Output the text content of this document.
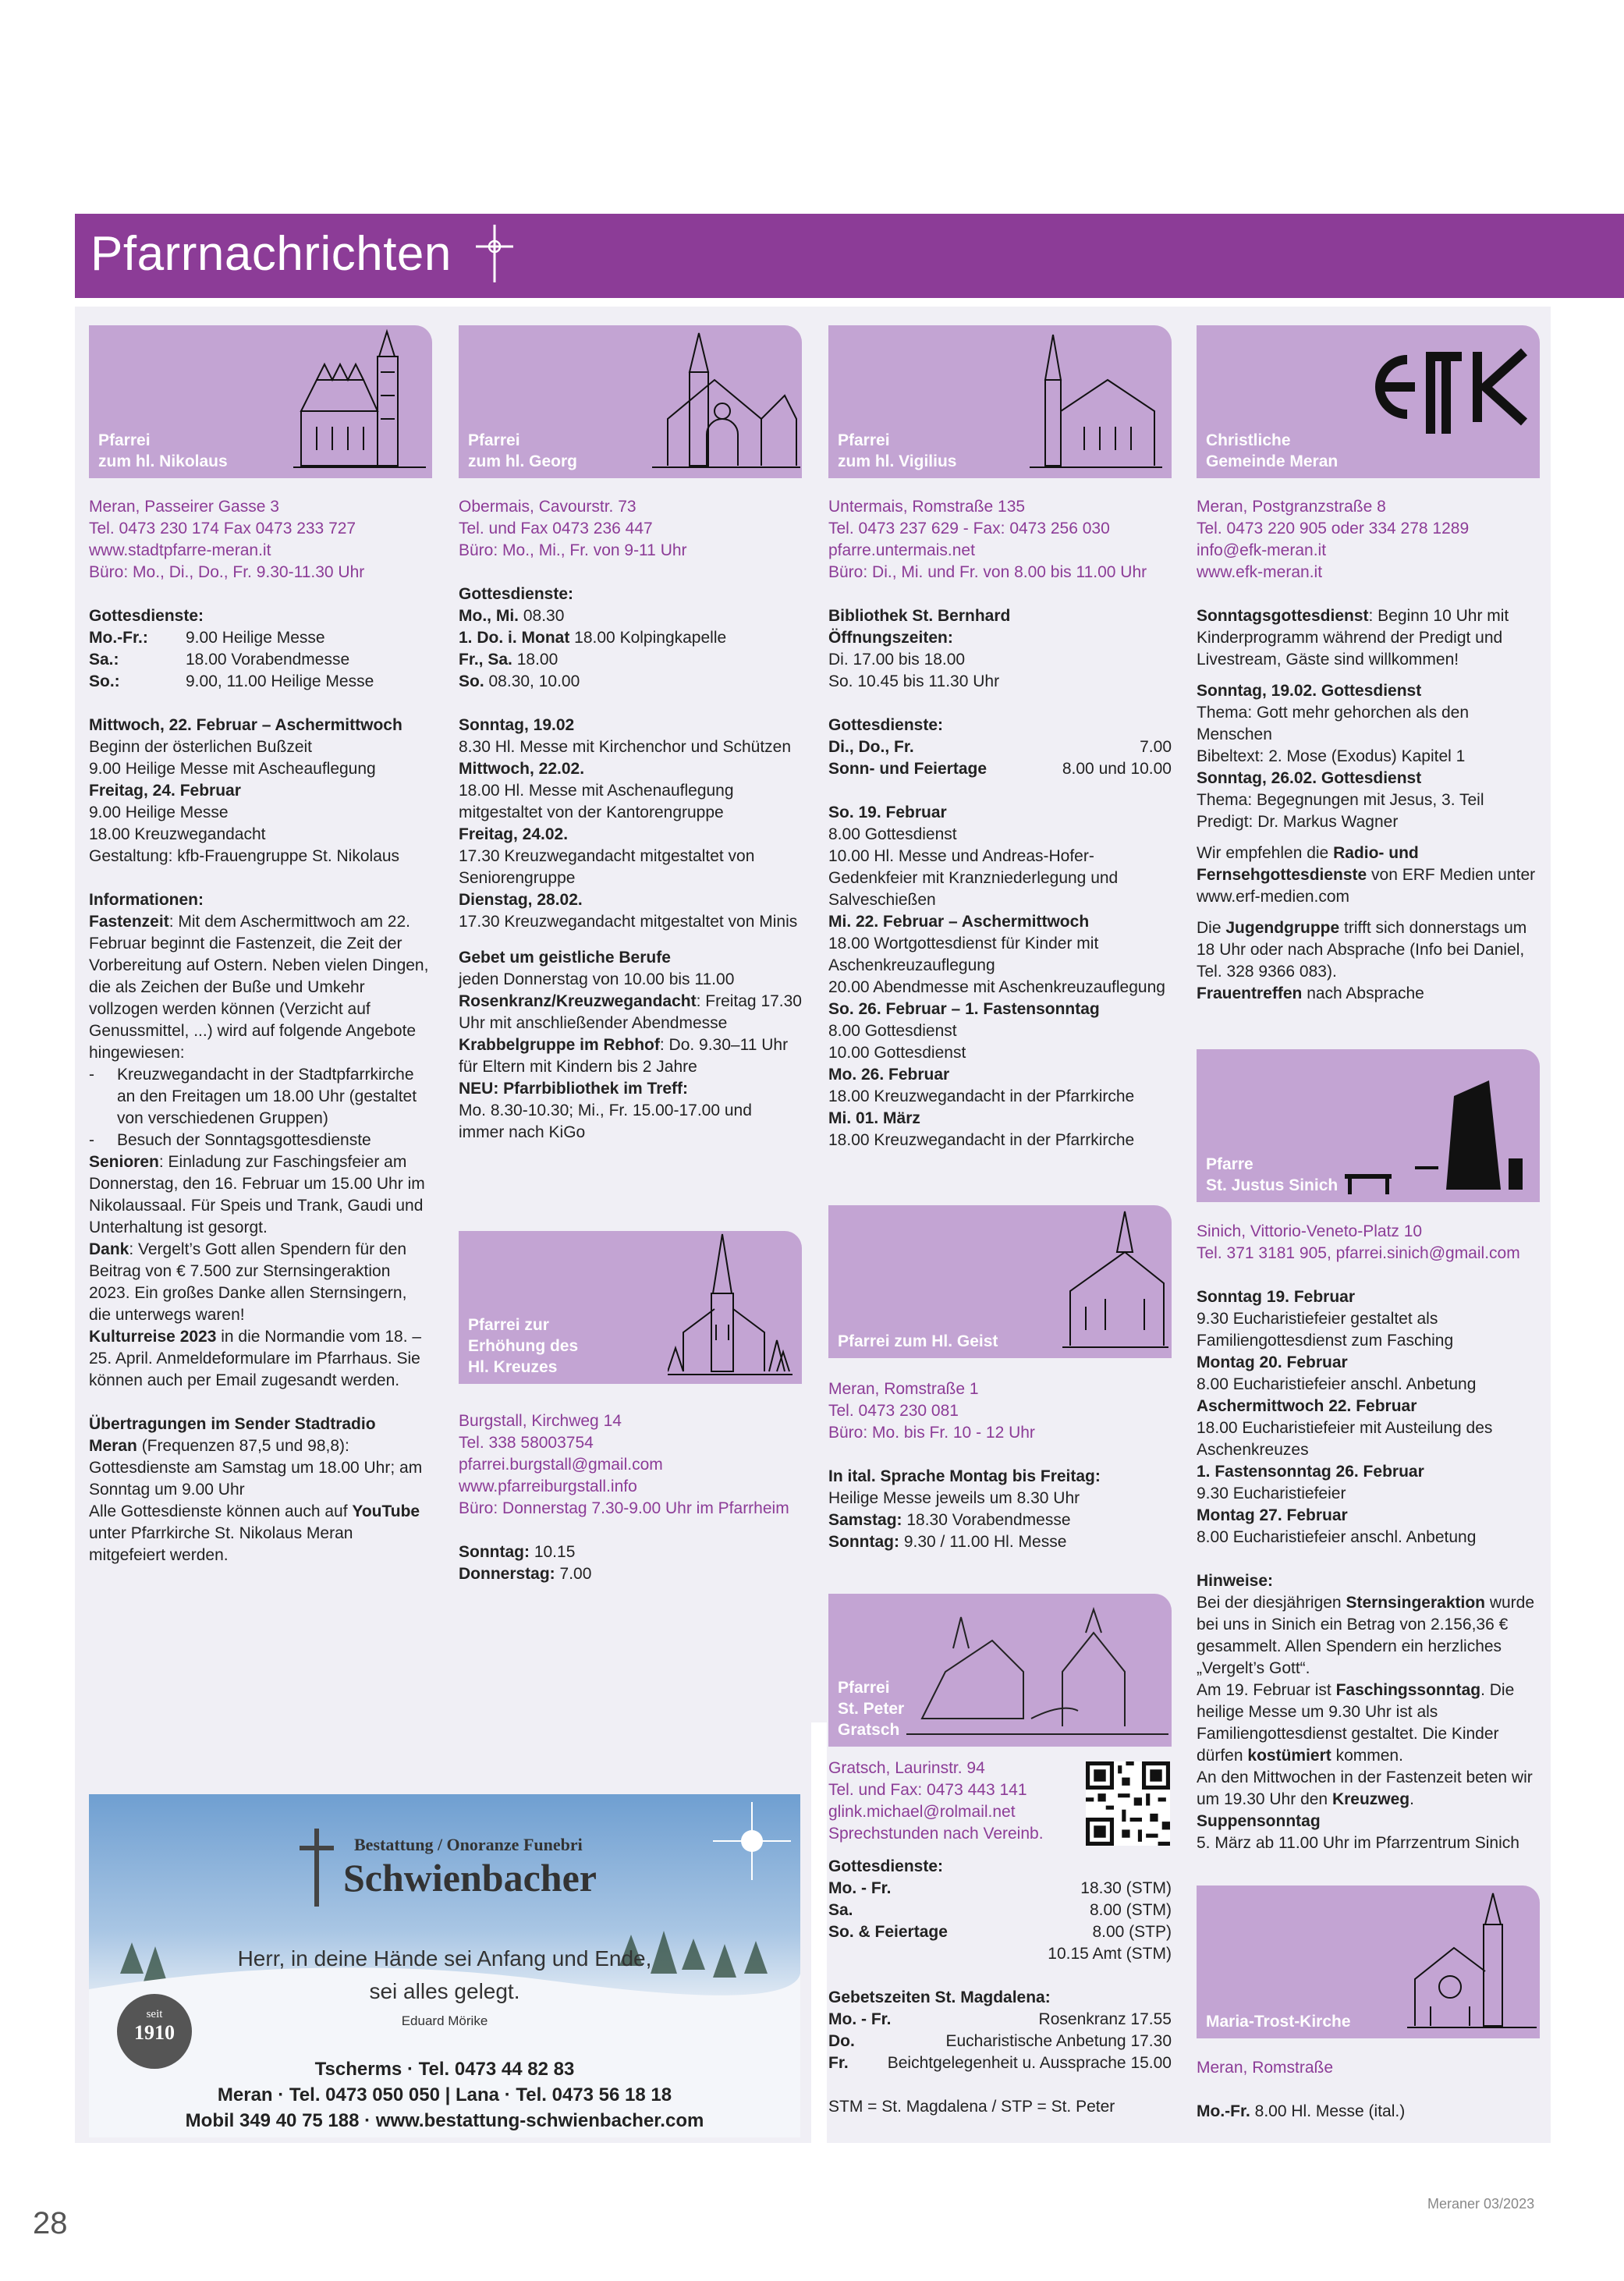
Pfarrnachrichten
Pfarrei
zum hl. Nikolaus

Meran, Passeirer Gasse 3

Tel. 0473 230 174 Fax 0473 233 727

www.stadtpfarre-meran.it

Büro: Mo., Di., Do., Fr. 9.30-11.30 Uhr

Gottesdienste:

Mo.-Fr.:	9.00 Heilige Messe
Sa.:	18.00 Vorabendmesse
So.:	9.00, 11.00 Heilige Messe

Mittwoch, 22. Februar – Aschermittwoch

Beginn der österlichen Bußzeit

9.00 Heilige Messe mit Ascheauflegung

Freitag, 24. Februar

9.00 Heilige Messe

18.00 Kreuzwegandacht

Gestaltung: kfb-Frauengruppe St. Nikolaus

Informationen:

Fastenzeit: Mit dem Aschermittwoch am 22. Februar beginnt die Fastenzeit, die Zeit der Vorbereitung auf Ostern. Neben vielen Dingen, die als Zeichen der Buße und Umkehr vollzogen werden können (Verzicht auf Genussmittel, ...) wird auf folgende Angebote hingewiesen:

-	Kreuzwegandacht in der Stadtpfarrkirche an den Freitagen um 18.00 Uhr (gestaltet von verschiedenen Gruppen)
-	Besuch der Sonntagsgottesdienste

Senioren: Einladung zur Faschingsfeier am Donnerstag, den 16. Februar um 15.00 Uhr im Nikolaussaal. Für Speis und Trank, Gaudi und Unterhaltung ist gesorgt.

Dank: Vergelt’s Gott allen Spendern für den Beitrag von € 7.500 zur Sternsingeraktion 2023. Ein großes Danke allen Sternsingern, die unterwegs waren!

Kulturreise 2023 in die Normandie vom 18. – 25. April. Anmeldeformulare im Pfarrhaus. Sie können auch per Email zugesandt werden.

Übertragungen im Sender Stadtradio

Meran (Frequenzen 87,5 und 98,8): Gottesdienste am Samstag um 18.00 Uhr; am Sonntag um 9.00 Uhr

Alle Gottesdienste können auch auf YouTube unter Pfarrkirche St. Nikolaus Meran mitgefeiert werden.

Pfarrei
zum hl. Georg

Obermais, Cavourstr. 73

Tel. und Fax 0473 236 447

Büro: Mo., Mi., Fr. von 9-11 Uhr

Gottesdienste:

Mo., Mi. 08.30

1. Do. i. Monat 18.00 Kolpingkapelle

Fr., Sa. 18.00

So. 08.30, 10.00

Sonntag, 19.02

8.30 Hl. Messe mit Kirchenchor und Schützen

Mittwoch, 22.02.

18.00 Hl. Messe mit Aschenauflegung mitgestaltet von der Kantorengruppe

Freitag, 24.02.

17.30 Kreuzwegandacht mitgestaltet von Seniorengruppe

Dienstag, 28.02.

17.30 Kreuzwegandacht mitgestaltet von Minis

Gebet um geistliche Berufe

jeden Donnerstag von 10.00 bis 11.00

Rosenkranz/Kreuzwegandacht: Freitag 17.30 Uhr mit anschließender Abendmesse

Krabbelgruppe im Rebhof: Do. 9.30–11 Uhr für Eltern mit Kindern bis 2 Jahre

NEU: Pfarrbibliothek im Treff:

Mo. 8.30-10.30; Mi., Fr. 15.00-17.00 und immer nach KiGo

Pfarrei zur
Erhöhung des
Hl. Kreuzes

Burgstall, Kirchweg 14

Tel. 338 58003754

pfarrei.burgstall@gmail.com

www.pfarreiburgstall.info

Büro: Donnerstag 7.30-9.00 Uhr im Pfarrheim

Sonntag: 10.15

Donnerstag: 7.00

Pfarrei
zum hl. Vigilius

Untermais, Romstraße 135

Tel. 0473 237 629 - Fax: 0473 256 030

pfarre.untermais.net

Büro: Di., Mi. und Fr. von 8.00 bis 11.00 Uhr

Bibliothek St. Bernhard

Öffnungszeiten:

Di. 17.00 bis 18.00

So. 10.45 bis 11.30 Uhr

Gottesdienste:

Di., Do., Fr.	7.00
Sonn- und Feiertage	8.00 und 10.00

So. 19. Februar

8.00 Gottesdienst

10.00 Hl. Messe und Andreas-Hofer-Gedenkfeier mit Kranzniederlegung und Salveschießen

Mi. 22. Februar – Aschermittwoch

18.00 Wortgottesdienst für Kinder mit Aschenkreuzauflegung

20.00 Abendmesse mit Aschenkreuzauflegung

So. 26. Februar – 1. Fastensonntag

8.00 Gottesdienst

10.00 Gottesdienst

Mo. 26. Februar

18.00 Kreuzwegandacht in der Pfarrkirche

Mi. 01. März

18.00 Kreuzwegandacht in der Pfarrkirche

Pfarrei zum Hl. Geist

Meran, Romstraße 1

Tel. 0473 230 081

Büro: Mo. bis Fr. 10 - 12 Uhr

In ital. Sprache Montag bis Freitag:

Heilige Messe jeweils um 8.30 Uhr

Samstag: 18.30 Vorabendmesse

Sonntag: 9.30 / 11.00 Hl. Messe

Pfarrei
St. Peter
Gratsch

Gratsch, Laurinstr. 94

Tel. und Fax: 0473 443 141

glink.michael@rolmail.net

Sprechstunden nach Vereinb.

Gottesdienste:

Mo. - Fr.	18.30 (STM)
Sa.	8.00 (STM)
So. & Feiertage	8.00 (STP)
10.15 Amt (STM)

Gebetszeiten St. Magdalena:

Mo. - Fr.	Rosenkranz 17.55
Do.	Eucharistische Anbetung 17.30
Fr. Beichtgelegenheit u. Aussprache 15.00

STM = St. Magdalena / STP = St. Peter

Christliche
Gemeinde Meran

Meran, Postgranzstraße 8

Tel. 0473 220 905 oder 334 278 1289

info@efk-meran.it

www.efk-meran.it

Sonntagsgottesdienst: Beginn 10 Uhr mit Kinderprogramm während der Predigt und Livestream, Gäste sind willkommen!

Sonntag, 19.02. Gottesdienst

Thema: Gott mehr gehorchen als den Menschen

Bibeltext: 2. Mose (Exodus) Kapitel 1

Sonntag, 26.02. Gottesdienst

Thema: Begegnungen mit Jesus, 3. Teil

Predigt: Dr. Markus Wagner

Wir empfehlen die Radio- und Fernsehgottesdienste von ERF Medien unter www.erf-medien.com

Die Jugendgruppe trifft sich donnerstags um 18 Uhr oder nach Absprache (Info bei Daniel, Tel. 328 9366 083).

Frauentreffen nach Absprache

Pfarre
St. Justus Sinich

Sinich, Vittorio-Veneto-Platz 10

Tel. 371 3181 905, pfarrei.sinich@gmail.com

Sonntag 19. Februar

9.30 Eucharistiefeier gestaltet als Familiengottesdienst zum Fasching

Montag 20. Februar

8.00 Eucharistiefeier anschl. Anbetung

Aschermittwoch 22. Februar

18.00 Eucharistiefeier mit Austeilung des Aschenkreuzes

1. Fastensonntag 26. Februar

9.30 Eucharistiefeier

Montag 27. Februar

8.00 Eucharistiefeier anschl. Anbetung

Hinweise:

Bei der diesjährigen Sternsingeraktion wurde bei uns in Sinich ein Betrag von 2.156,36 € gesammelt. Allen Spendern ein herzliches „Vergelt’s Gott“.

Am 19. Februar ist Faschingssonntag. Die heilige Messe um 9.30 Uhr ist als Familiengottesdienst gestaltet. Die Kinder dürfen kostümiert kommen.

An den Mittwochen in der Fastenzeit beten wir um 19.30 Uhr den Kreuzweg.

Suppensonntag

5. März ab 11.00 Uhr im Pfarrzentrum Sinich

Maria-Trost-Kirche

Meran, Romstraße

Mo.-Fr. 8.00 Hl. Messe (ital.)

Bestattung / Onoranze Funebri
Schwienbacher
Herr, in deine Hände sei Anfang und Ende,
sei alles gelegt.
Eduard Mörike
seit
1910
Tscherms · Tel. 0473 44 82 83
Meran · Tel. 0473 050 050 | Lana · Tel. 0473 56 18 18
Mobil 349 40 75 188 · www.bestattung-schwienbacher.com
28
Meraner 03/2023
